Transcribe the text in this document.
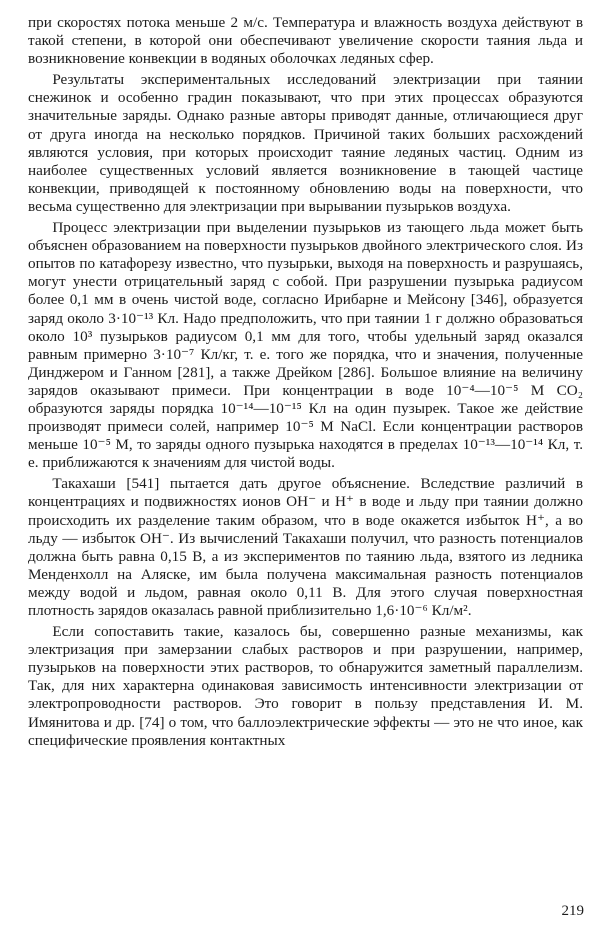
при скоростях потока меньше 2 м/с. Температура и влажность воздуха действуют в такой степени, в которой они обеспечивают увеличение скорости таяния льда и возникновение конвекции в водяных оболочках ледяных сфер.

Результаты экспериментальных исследований электризации при таянии снежинок и особенно градин показывают, что при этих процессах образуются значительные заряды. Однако разные авторы приводят данные, отличающиеся друг от друга иногда на несколько порядков. Причиной таких больших расхождений являются условия, при которых происходит таяние ледяных частиц. Одним из наиболее существенных условий является возникновение в тающей частице конвекции, приводящей к постоянному обновлению воды на поверхности, что весьма существенно для электризации при вырывании пузырьков воздуха.

Процесс электризации при выделении пузырьков из тающего льда может быть объяснен образованием на поверхности пузырьков двойного электрического слоя. Из опытов по катафорезу известно, что пузырьки, выходя на поверхность и разрушаясь, могут унести отрицательный заряд с собой. При разрушении пузырька радиусом более 0,1 мм в очень чистой воде, согласно Ирибарне и Мейсону [346], образуется заряд около 3·10⁻¹³ Кл. Надо предположить, что при таянии 1 г должно образоваться около 10³ пузырьков радиусом 0,1 мм для того, чтобы удельный заряд оказался равным примерно 3·10⁻⁷ Кл/кг, т. е. того же порядка, что и значения, полученные Динджером и Ганном [281], а также Дрейком [286]. Большое влияние на величину зарядов оказывают примеси. При концентрации в воде 10⁻⁴—10⁻⁵ М CO₂ образуются заряды порядка 10⁻¹⁴—10⁻¹⁵ Кл на один пузырек. Такое же действие производят примеси солей, например 10⁻⁵ М NaCl. Если концентрации растворов меньше 10⁻⁵ М, то заряды одного пузырька находятся в пределах 10⁻¹³—10⁻¹⁴ Кл, т. е. приближаются к значениям для чистой воды.

Такахаши [541] пытается дать другое объяснение. Вследствие различий в концентрациях и подвижностях ионов OH⁻ и H⁺ в воде и льду при таянии должно происходить их разделение таким образом, что в воде окажется избыток H⁺, а во льду — избыток OH⁻. Из вычислений Такахаши получил, что разность потенциалов должна быть равна 0,15 В, а из экспериментов по таянию льда, взятого из ледника Менденхолл на Аляске, им была получена максимальная разность потенциалов между водой и льдом, равная около 0,11 В. Для этого случая поверхностная плотность зарядов оказалась равной приблизительно 1,6·10⁻⁶ Кл/м².

Если сопоставить такие, казалось бы, совершенно разные механизмы, как электризация при замерзании слабых растворов и при разрушении, например, пузырьков на поверхности этих растворов, то обнаружится заметный параллелизм. Так, для них характерна одинаковая зависимость интенсивности электризации от электропроводности растворов. Это говорит в пользу представления И. М. Имянитова и др. [74] о том, что баллоэлектрические эффекты — это не что иное, как специфические проявления контактных

219
